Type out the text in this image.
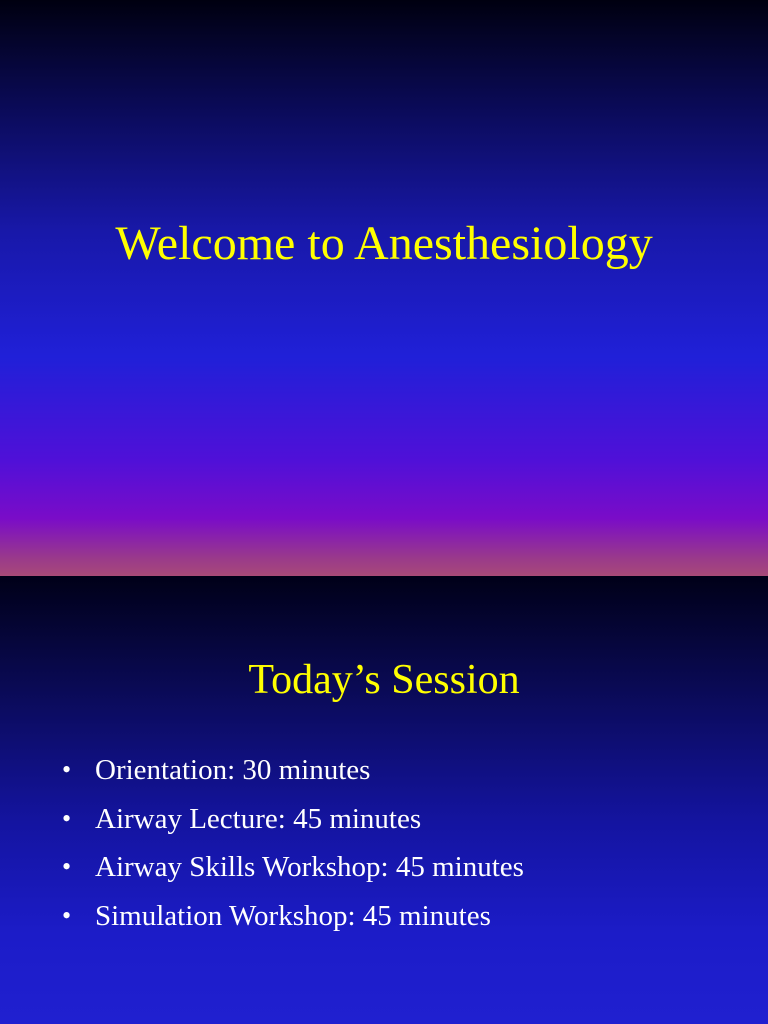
Welcome to Anesthesiology
Today’s Session
• Orientation: 30 minutes
• Airway Lecture: 45 minutes
• Airway Skills Workshop: 45 minutes
• Simulation Workshop: 45 minutes
